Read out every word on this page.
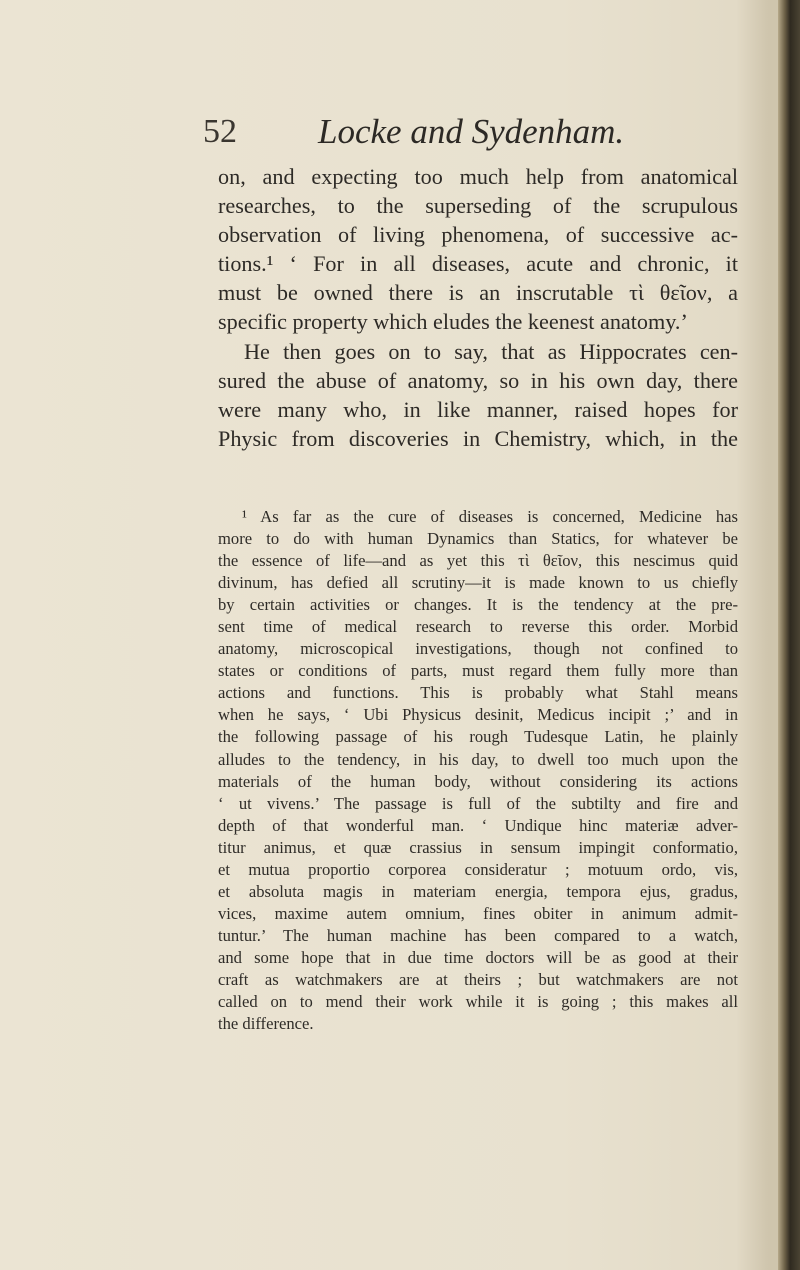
52 Locke and Sydenham.
on, and expecting too much help from anatomical
researches, to the superseding of the scrupulous
observation of living phenomena, of successive ac-
tions.¹ ‘ For in all diseases, acute and chronic, it
must be owned there is an inscrutable τὶ θεῖον, a
specific property which eludes the keenest anatomy.’
He then goes on to say, that as Hippocrates cen-
sured the abuse of anatomy, so in his own day, there
were many who, in like manner, raised hopes for
Physic from discoveries in Chemistry, which, in the
¹ As far as the cure of diseases is concerned, Medicine has
more to do with human Dynamics than Statics, for whatever be
the essence of life—and as yet this τὶ θεῖον, this nescimus quid
divinum, has defied all scrutiny—it is made known to us chiefly
by certain activities or changes. It is the tendency at the pre-
sent time of medical research to reverse this order. Morbid
anatomy, microscopical investigations, though not confined to
states or conditions of parts, must regard them fully more than
actions and functions. This is probably what Stahl means
when he says, ‘ Ubi Physicus desinit, Medicus incipit ;’ and in
the following passage of his rough Tudesque Latin, he plainly
alludes to the tendency, in his day, to dwell too much upon the
materials of the human body, without considering its actions
‘ ut vivens.’ The passage is full of the subtilty and fire and
depth of that wonderful man. ‘ Undique hinc materiæ adver-
titur animus, et quæ crassius in sensum impingit conformatio,
et mutua proportio corporea consideratur ; motuum ordo, vis,
et absoluta magis in materiam energia, tempora ejus, gradus,
vices, maxime autem omnium, fines obiter in animum admit-
tuntur.’ The human machine has been compared to a watch,
and some hope that in due time doctors will be as good at their
craft as watchmakers are at theirs ; but watchmakers are not
called on to mend their work while it is going ; this makes all
the difference.
